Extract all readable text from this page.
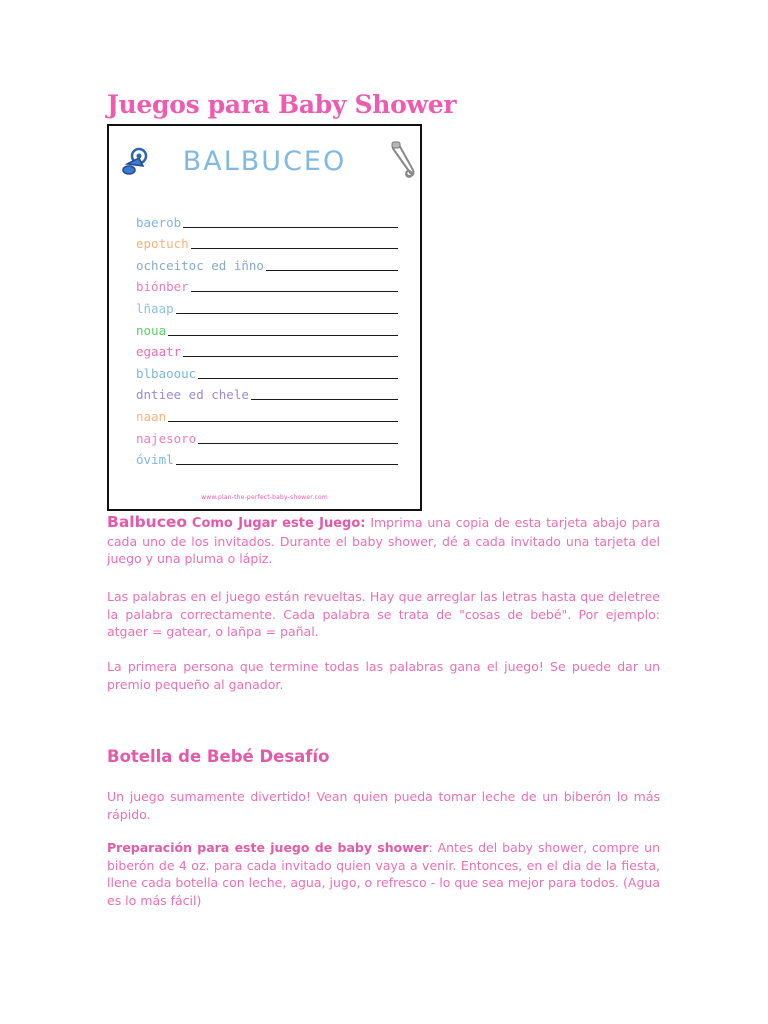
Juegos para Baby Shower
BALBUCEO
baerob
epotuch
ochceitoc ed iñno
biónber
lñaap
noua
egaatr
blbaoouc
dntiee ed chele
naan
najesoro
óviml
www.plan-the-perfect-baby-shower.com

Balbuceo Como Jugar este Juego: Imprima una copia de esta tarjeta abajo para cada uno de los invitados. Durante el baby shower, dé a cada invitado una tarjeta del juego y una pluma o lápiz.

Las palabras en el juego están revueltas. Hay que arreglar las letras hasta que deletree la palabra correctamente. Cada palabra se trata de "cosas de bebé". Por ejemplo: atgaer = gatear, o lañpa = pañal.

La primera persona que termine todas las palabras gana el juego! Se puede dar un premio pequeño al ganador.

Botella de Bebé Desafío

Un juego sumamente divertido! Vean quien pueda tomar leche de un biberón lo más rápido.

Preparación para este juego de baby shower: Antes del baby shower, compre un biberón de 4 oz. para cada invitado quien vaya a venir. Entonces, en el dia de la fiesta, llene cada botella con leche, agua, jugo, o refresco - lo que sea mejor para todos. (Agua es lo más fácil)
